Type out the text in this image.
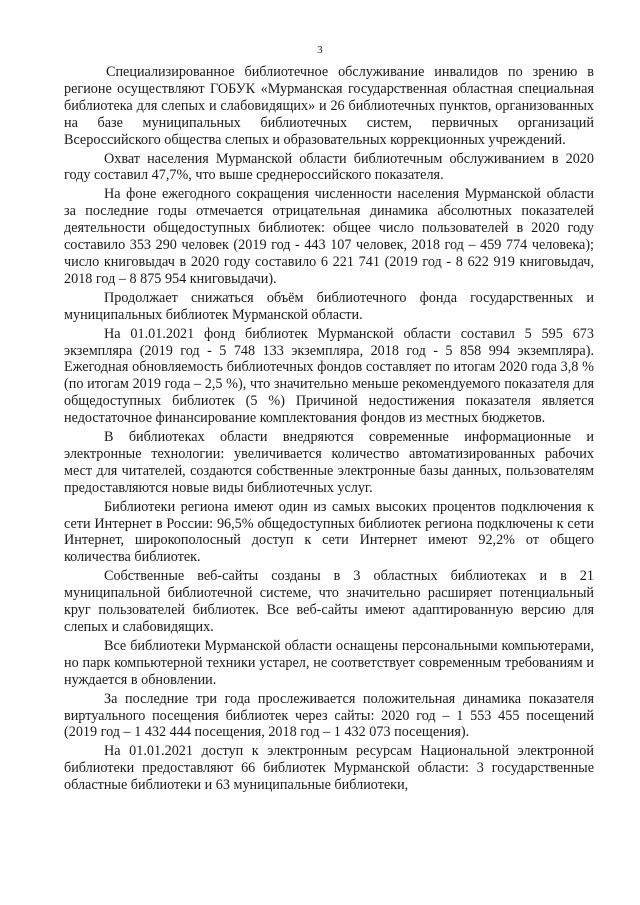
3

Специализированное библиотечное обслуживание инвалидов по зрению в регионе осуществляют ГОБУК «Мурманская государственная областная специальная библиотека для слепых и слабовидящих» и 26 библиотечных пунктов, организованных на базе муниципальных библиотечных систем, первичных организаций Всероссийского общества слепых и образовательных коррекционных учреждений.

Охват населения Мурманской области библиотечным обслуживанием в 2020 году составил 47,7%, что выше среднероссийского показателя.

На фоне ежегодного сокращения численности населения Мурманской области за последние годы отмечается отрицательная динамика абсолютных показателей деятельности общедоступных библиотек: общее число пользователей в 2020 году составило 353 290 человек (2019 год - 443 107 человек, 2018 год – 459 774 человека); число книговыдач в 2020 году составило 6 221 741 (2019 год - 8 622 919 книговыдач, 2018 год – 8 875 954 книговыдачи).

Продолжает снижаться объём библиотечного фонда государственных и муниципальных библиотек Мурманской области.

На 01.01.2021 фонд библиотек Мурманской области составил 5 595 673 экземпляра (2019 год - 5 748 133 экземпляра, 2018 год - 5 858 994 экземпляра). Ежегодная обновляемость библиотечных фондов составляет по итогам 2020 года 3,8 % (по итогам 2019 года – 2,5 %), что значительно меньше рекомендуемого показателя для общедоступных библиотек (5 %) Причиной недостижения показателя является недостаточное финансирование комплектования фондов из местных бюджетов.

В библиотеках области внедряются современные информационные и электронные технологии: увеличивается количество автоматизированных рабочих мест для читателей, создаются собственные электронные базы данных, пользователям предоставляются новые виды библиотечных услуг.

Библиотеки региона имеют один из самых высоких процентов подключения к сети Интернет в России: 96,5% общедоступных библиотек региона подключены к сети Интернет, широкополосный доступ к сети Интернет имеют 92,2% от общего количества библиотек.

Собственные веб-сайты созданы в 3 областных библиотеках и в 21 муниципальной библиотечной системе, что значительно расширяет потенциальный круг пользователей библиотек. Все веб-сайты имеют адаптированную версию для слепых и слабовидящих.

Все библиотеки Мурманской области оснащены персональными компьютерами, но парк компьютерной техники устарел, не соответствует современным требованиям и нуждается в обновлении.

За последние три года прослеживается положительная динамика показателя виртуального посещения библиотек через сайты: 2020 год – 1 553 455 посещений (2019 год – 1 432 444 посещения, 2018 год – 1 432 073 посещения).

На 01.01.2021 доступ к электронным ресурсам Национальной электронной библиотеки предоставляют 66 библиотек Мурманской области: 3 государственные областные библиотеки и 63 муниципальные библиотеки,
